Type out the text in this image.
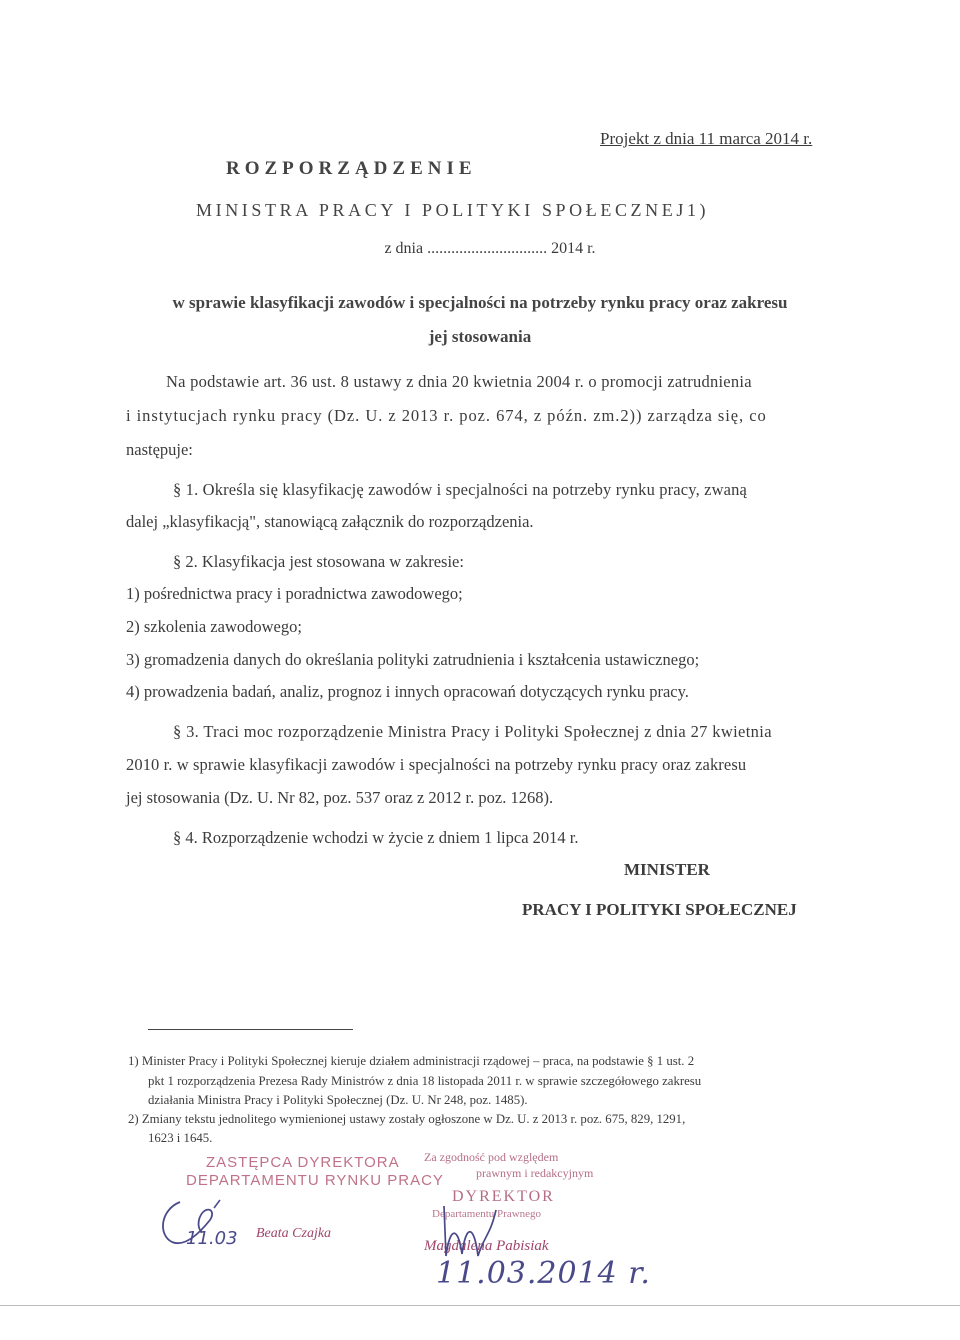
Projekt z dnia 11 marca 2014 r.
ROZPORZĄDZENIE
MINISTRA PRACY I POLITYKI SPOŁECZNEJ1)
z dnia .............................. 2014 r.
w sprawie klasyfikacji zawodów i specjalności na potrzeby rynku pracy oraz zakresu
jej stosowania
Na podstawie art. 36 ust. 8 ustawy z dnia 20 kwietnia 2004 r. o promocji zatrudnienia
i instytucjach rynku pracy (Dz. U. z 2013 r. poz. 674, z późn. zm.2)) zarządza się, co
następuje:
§ 1. Określa się klasyfikację zawodów i specjalności na potrzeby rynku pracy, zwaną
dalej „klasyfikacją", stanowiącą załącznik do rozporządzenia.
§ 2. Klasyfikacja jest stosowana w zakresie:
1) pośrednictwa pracy i poradnictwa zawodowego;
2) szkolenia zawodowego;
3) gromadzenia danych do określania polityki zatrudnienia i kształcenia ustawicznego;
4) prowadzenia badań, analiz, prognoz i innych opracowań dotyczących rynku pracy.
§ 3. Traci moc rozporządzenie Ministra Pracy i Polityki Społecznej z dnia 27 kwietnia
2010 r. w sprawie klasyfikacji zawodów i specjalności na potrzeby rynku pracy oraz zakresu
jej stosowania (Dz. U. Nr 82, poz. 537 oraz z 2012 r. poz. 1268).
§ 4. Rozporządzenie wchodzi w życie z dniem 1 lipca 2014 r.
MINISTER
PRACY I POLITYKI SPOŁECZNEJ
1) Minister Pracy i Polityki Społecznej kieruje działem administracji rządowej – praca, na podstawie § 1 ust. 2
pkt 1 rozporządzenia Prezesa Rady Ministrów z dnia 18 listopada 2011 r. w sprawie szczegółowego zakresu
działania Ministra Pracy i Polityki Społecznej (Dz. U. Nr 248, poz. 1485).
2) Zmiany tekstu jednolitego wymienionej ustawy zostały ogłoszone w Dz. U. z 2013 r. poz. 675, 829, 1291,
1623 i 1645.
ZASTĘPCA DYREKTORA
DEPARTAMENTU RYNKU PRACY
Beata Czajka
11.03
Za zgodność pod względem
prawnym i redakcyjnym
DYREKTOR
Departamentu Prawnego
Magdalena Pabisiak
11.03.2014 r.
